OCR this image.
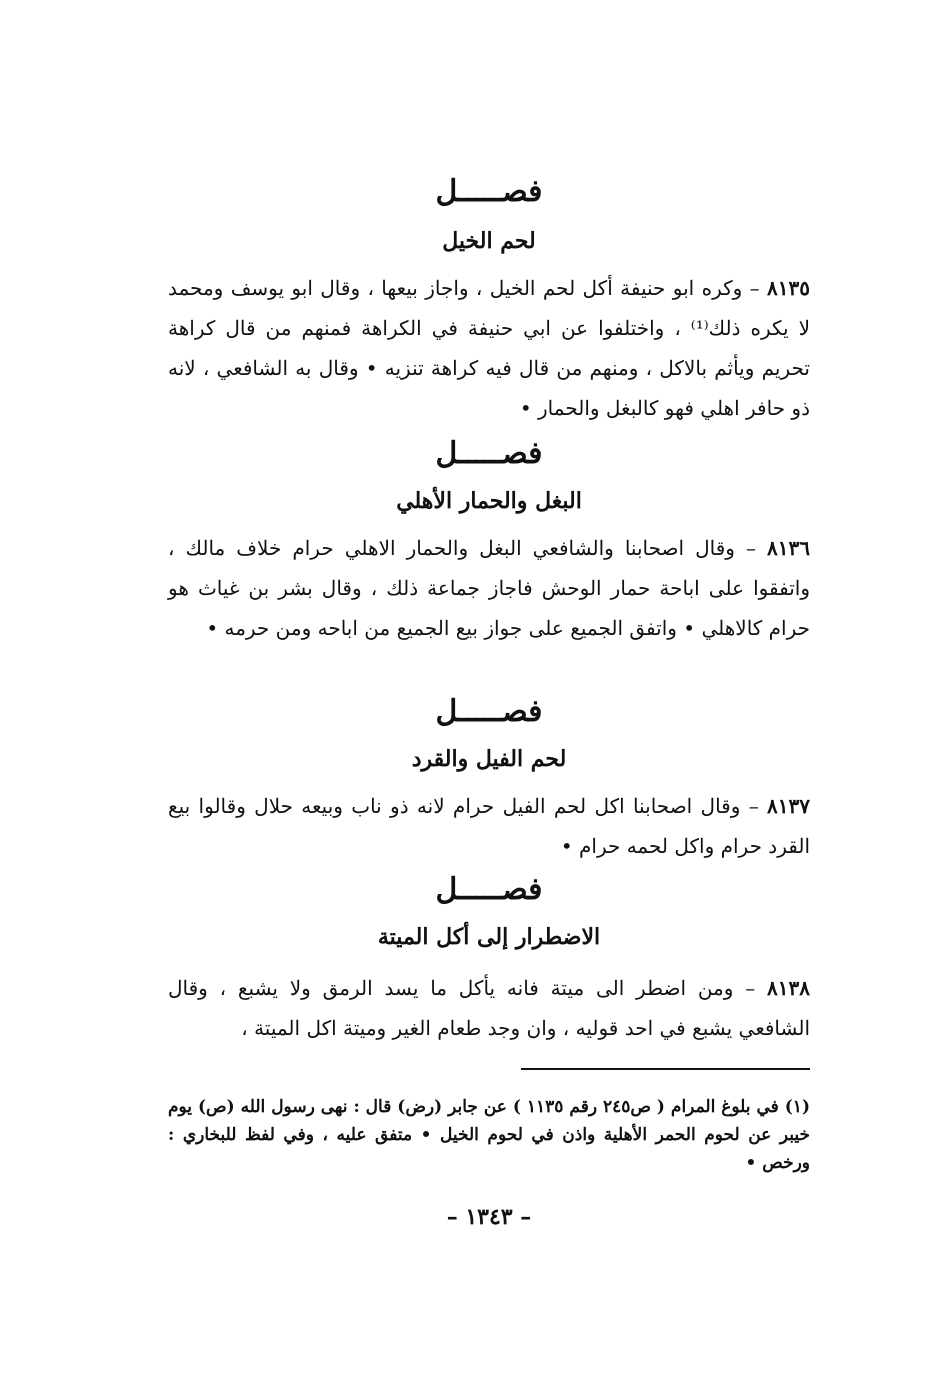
فصـــــل
لحم الخيل

٨١٣٥ – وكره ابو حنيفة أكل لحم الخيل ، واجاز بيعها ، وقال ابو يوسف ومحمد لا يكره ذلك⁽¹⁾ ، واختلفوا عن ابي حنيفة في الكراهة فمنهم من قال كراهة تحريم ويأثم بالاكل ، ومنهم من قال فيه كراهة تنزيه • وقال به الشافعي ، لانه ذو حافر اهلي فهو كالبغل والحمار •

فصـــــل
البغل والحمار الأهلي

٨١٣٦ – وقال اصحابنا والشافعي البغل والحمار الاهلي حرام خلاف مالك ، واتفقوا على اباحة حمار الوحش فاجاز جماعة ذلك ، وقال بشر بن غياث هو حرام كالاهلي • واتفق الجميع على جواز بيع الجميع من اباحه ومن حرمه •

فصـــــل
لحم الفيل والقرد

٨١٣٧ – وقال اصحابنا اكل لحم الفيل حرام لانه ذو ناب وبيعه حلال وقالوا بيع القرد حرام واكل لحمه حرام •

فصـــــل
الاضطرار إلى أكل الميتة

٨١٣٨ – ومن اضطر الى ميتة فانه يأكل ما يسد الرمق ولا يشبع ، وقال الشافعي يشبع في احد قوليه ، وان وجد طعام الغير وميتة اكل الميتة ،

(١) في بلوغ المرام ( ص٢٤٥ رقم ١١٣٥ ) عن جابر (رض) قال : نهى رسول الله (ص) يوم خيبر عن لحوم الحمر الأهلية واذن في لحوم الخيل • متفق عليه ، وفي لفظ للبخاري : ورخص •

– ١٣٤٣ –
